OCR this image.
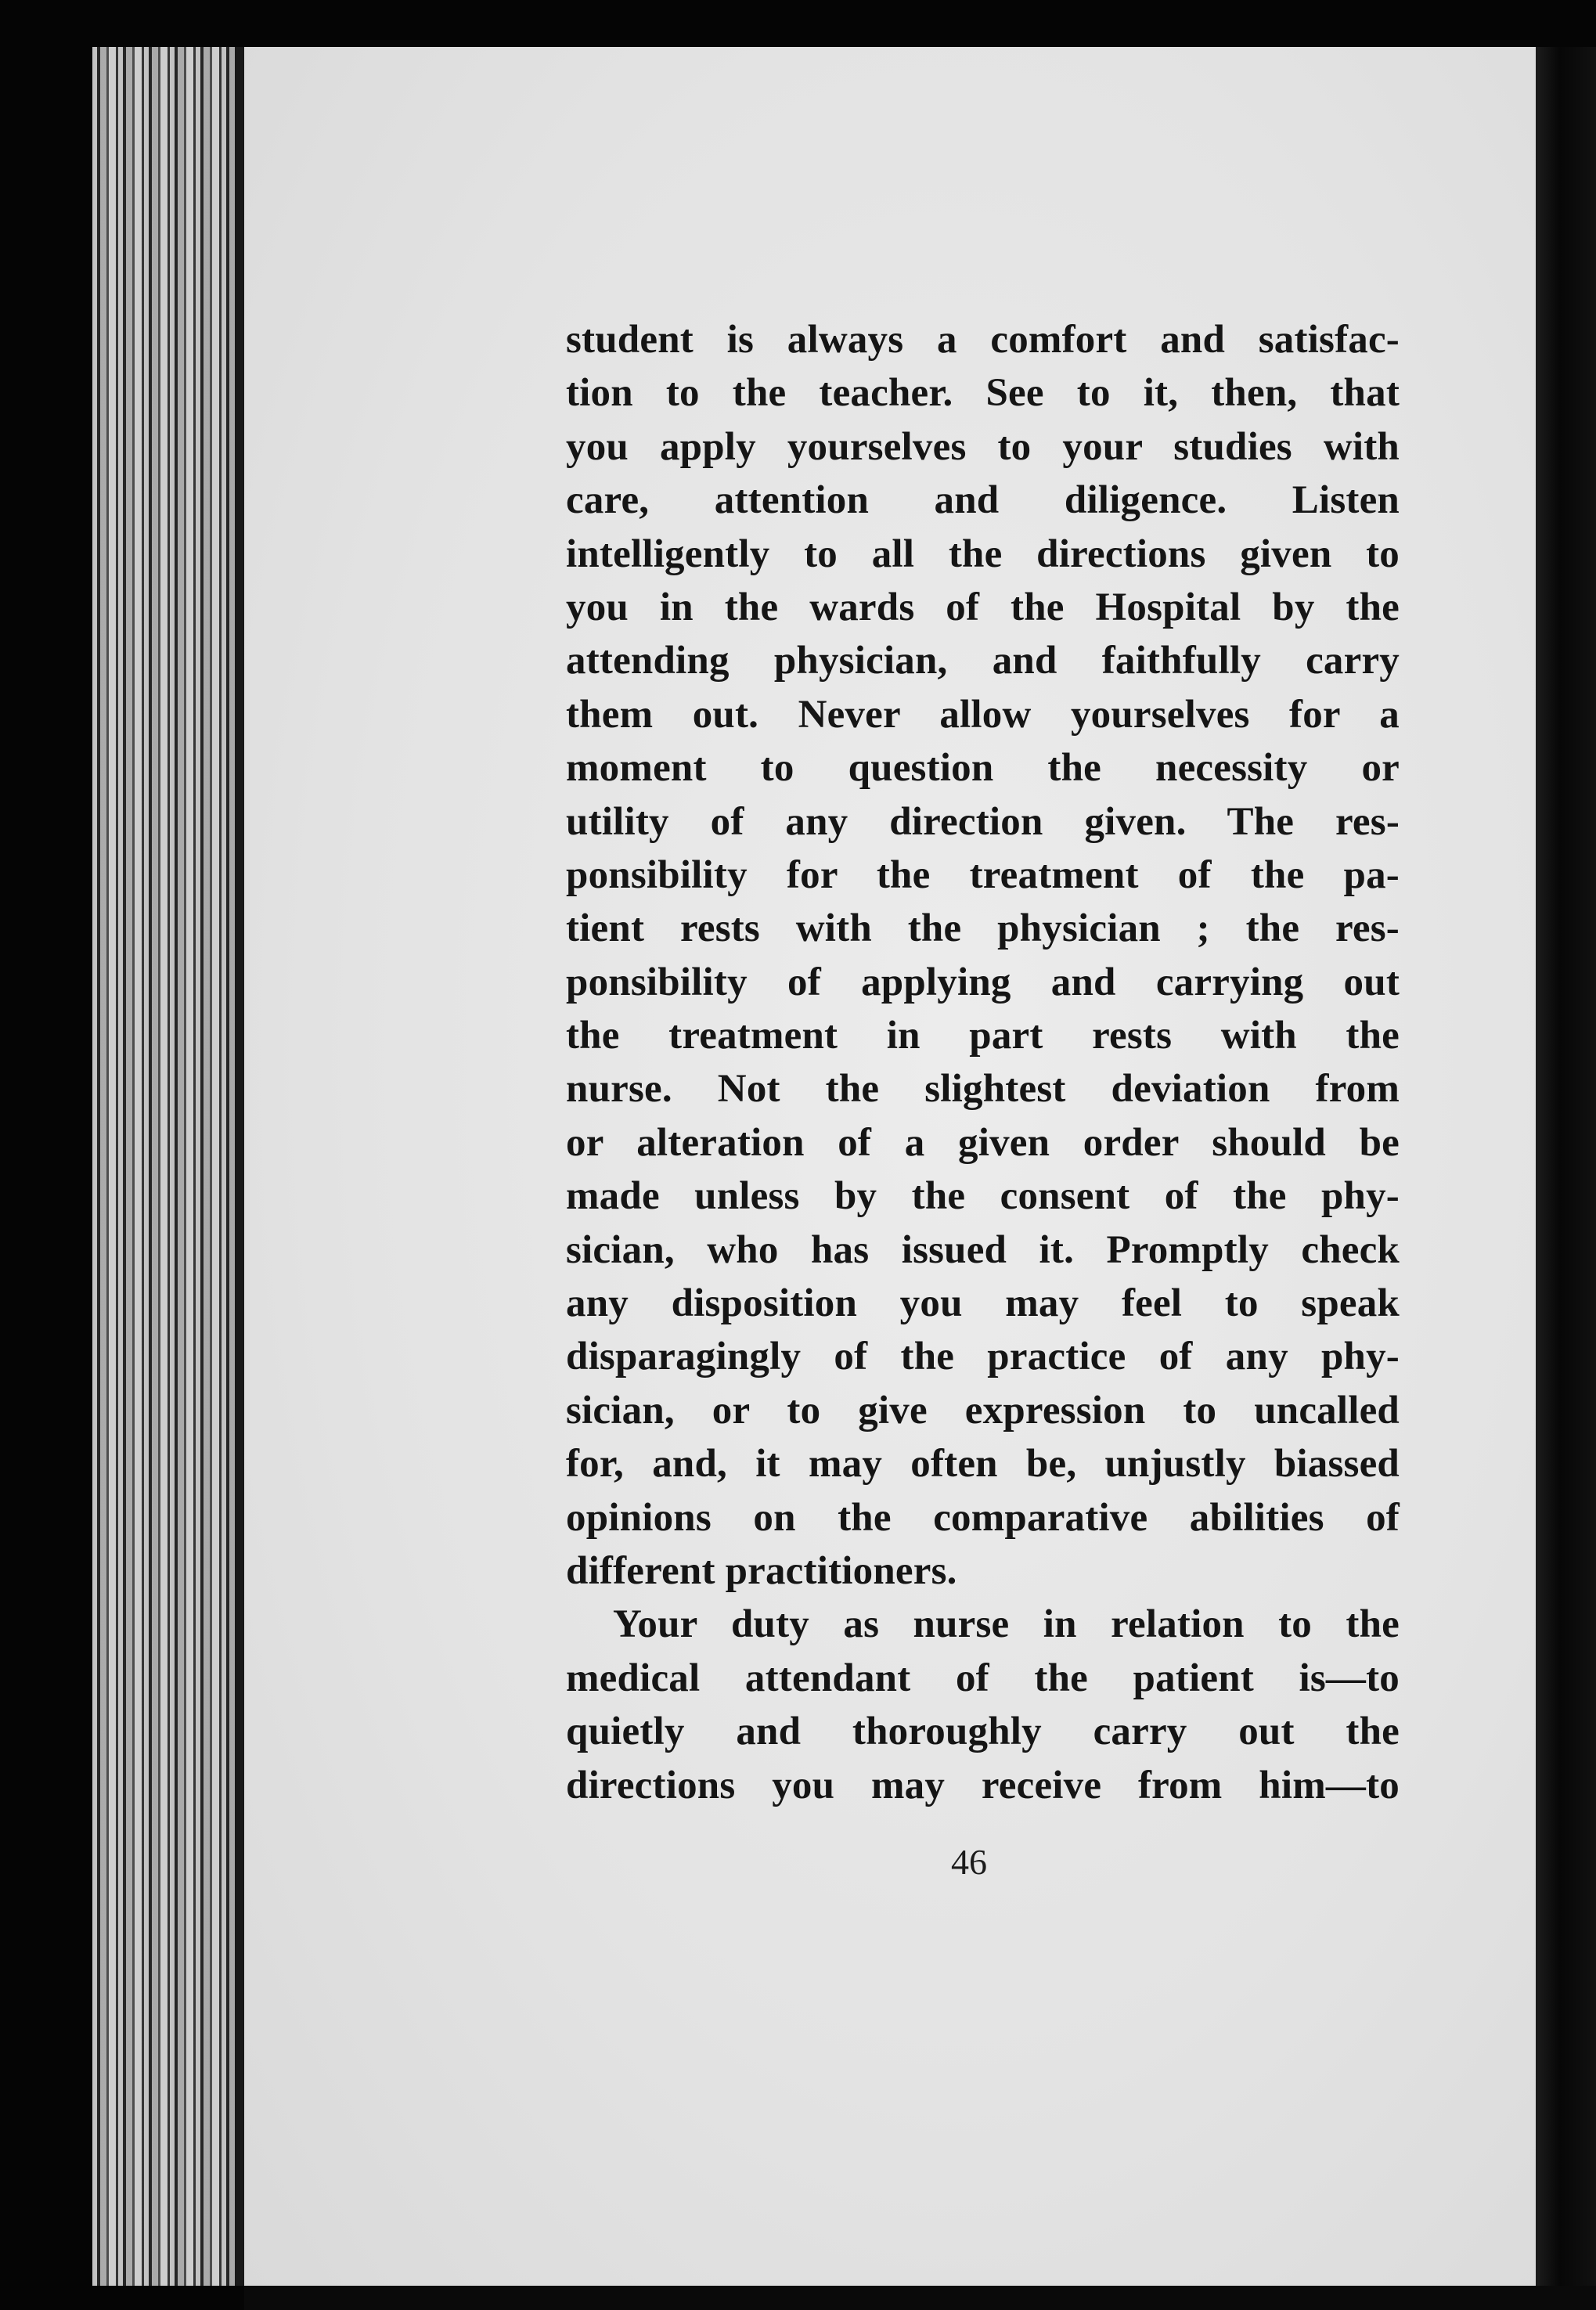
student is always a comfort and satisfac-
tion to the teacher. See to it, then, that
you apply yourselves to your studies with
care, attention and diligence. Listen
intelligently to all the directions given to
you in the wards of the Hospital by the
attending physician, and faithfully carry
them out. Never allow yourselves for a
moment to question the necessity or
utility of any direction given. The res-
ponsibility for the treatment of the pa-
tient rests with the physician ; the res-
ponsibility of applying and carrying out
the treatment in part rests with the
nurse. Not the slightest deviation from
or alteration of a given order should be
made unless by the consent of the phy-
sician, who has issued it. Promptly check
any disposition you may feel to speak
disparagingly of the practice of any phy-
sician, or to give expression to uncalled
for, and, it may often be, unjustly biassed
opinions on the comparative abilities of
different practitioners.
Your duty as nurse in relation to the
medical attendant of the patient is—to
quietly and thoroughly carry out the
directions you may receive from him—to
46
